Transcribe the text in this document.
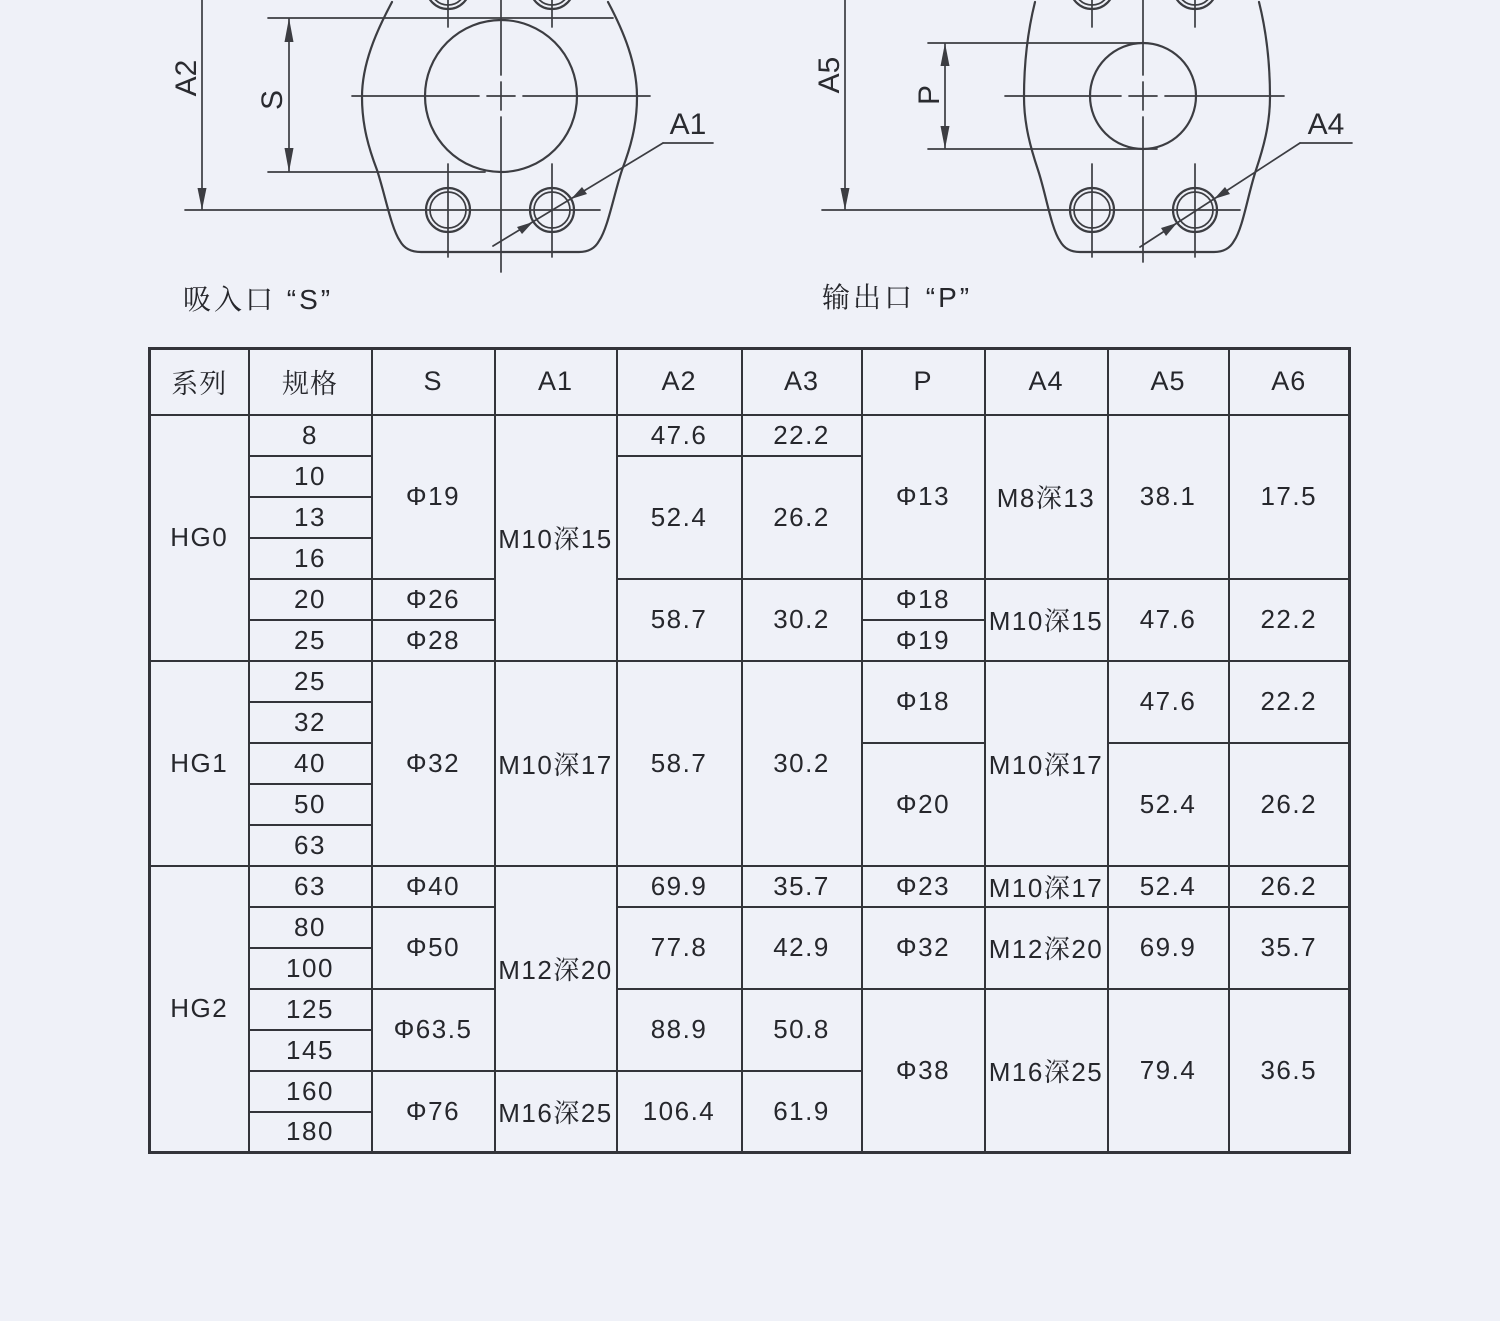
A2
S
A1
A5
P
A4
吸入口 “S”	输出口 “P”
系列	规格	S	A1	A2	A3	P	A4	A5	A6
HG0	8	Φ19	M10深15	47.6	22.2	Φ13	M8深13	38.1	17.5
	10			52.4	26.2				
	13								
	16								
	20	Φ26		58.7	30.2	Φ18	M10深15	47.6	22.2
	25	Φ28				Φ19			
HG1	25	Φ32	M10深17	58.7	30.2	Φ18	M10深17	47.6	22.2
	32								
	40					Φ20		52.4	26.2
	50								
	63								
HG2	63	Φ40	M12深20	69.9	35.7	Φ23	M10深17	52.4	26.2
	80	Φ50		77.8	42.9	Φ32	M12深20	69.9	35.7
	100								
	125	Φ63.5		88.9	50.8	Φ38	M16深25	79.4	36.5
	145								
	160	Φ76	M16深25	106.4	61.9				
	180								
